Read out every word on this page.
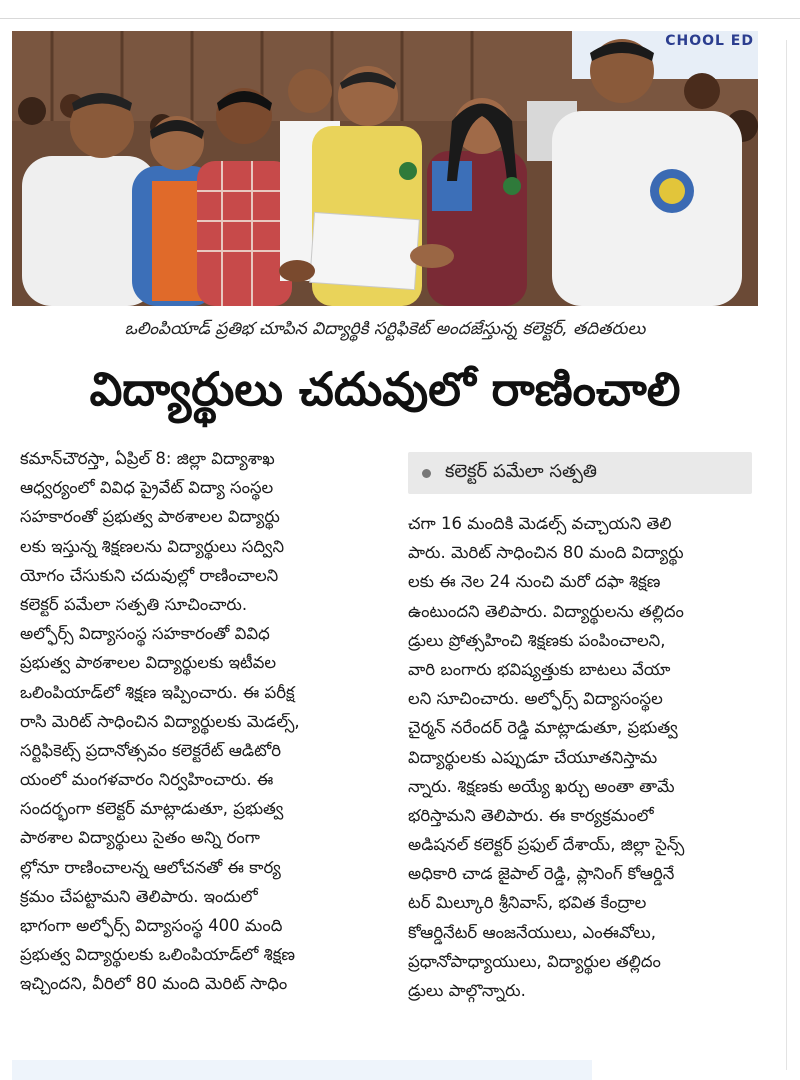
CHOOL ED
ఒలింపియాడ్ ప్రతిభ చూపిన విద్యార్థికి సర్టిఫికెట్ అందజేస్తున్న కలెక్టర్, తదితరులు
విద్యార్థులు చదువులో రాణించాలి
కమాన్‌చౌరస్తా, ఏప్రిల్ 8: జిల్లా విద్యాశాఖ
ఆధ్వర్యంలో వివిధ ప్రైవేట్ విద్యా సంస్థల
సహకారంతో ప్రభుత్వ పాఠశాలల విద్యార్థు
లకు ఇస్తున్న శిక్షణలను విద్యార్థులు సద్విని
యోగం చేసుకుని చదువుల్లో రాణించాలని
కలెక్టర్ పమేలా సత్పతి సూచించారు.
అల్ఫోర్స్ విద్యాసంస్థ సహకారంతో వివిధ
ప్రభుత్వ పాఠశాలల విద్యార్థులకు ఇటీవల
ఒలింపియాడ్‌లో శిక్షణ ఇప్పించారు. ఈ పరీక్ష
రాసి మెరిట్ సాధించిన విద్యార్థులకు మెడల్స్,
సర్టిఫికెట్స్ ప్రదానోత్సవం కలెక్టరేట్ ఆడిటోరి
యంలో మంగళవారం నిర్వహించారు. ఈ
సందర్భంగా కలెక్టర్ మాట్లాడుతూ, ప్రభుత్వ
పాఠశాల విద్యార్థులు సైతం అన్ని రంగా
ల్లోనూ రాణించాలన్న ఆలోచనతో ఈ కార్య
క్రమం చేపట్టామని తెలిపారు. ఇందులో
భాగంగా అల్ఫోర్స్ విద్యాసంస్థ 400 మంది
ప్రభుత్వ విద్యార్థులకు ఒలింపియాడ్‌లో శిక్షణ
ఇచ్చిందని, వీరిలో 80 మంది మెరిట్ సాధిం
కలెక్టర్ పమేలా సత్పతి
చగా 16 మందికి మెడల్స్ వచ్చాయని తెలి
పారు. మెరిట్ సాధించిన 80 మంది విద్యార్థు
లకు ఈ నెల 24 నుంచి మరో దఫా శిక్షణ
ఉంటుందని తెలిపారు. విద్యార్థులను తల్లిదం
డ్రులు ప్రోత్సహించి శిక్షణకు పంపించాలని,
వారి బంగారు భవిష్యత్తుకు బాటలు వేయా
లని సూచించారు. అల్ఫోర్స్ విద్యాసంస్థల
చైర్మన్ నరేందర్ రెడ్డి మాట్లాడుతూ, ప్రభుత్వ
విద్యార్థులకు ఎప్పుడూ చేయూతనిస్తామ
న్నారు. శిక్షణకు అయ్యే ఖర్చు అంతా తామే
భరిస్తామని తెలిపారు. ఈ కార్యక్రమంలో
అడిషనల్ కలెక్టర్ ప్రఫుల్ దేశాయ్, జిల్లా సైన్స్
అధికారి చాడ జైపాల్ రెడ్డి, ప్లానింగ్ కోఆర్డినే
టర్ మిల్కూరి శ్రీనివాస్, భవిత కేంద్రాల
కోఆర్డినేటర్ ఆంజనేయులు, ఎంఈవోలు,
ప్రధానోపాధ్యాయులు, విద్యార్థుల తల్లిదం
డ్రులు పాల్గొన్నారు.
